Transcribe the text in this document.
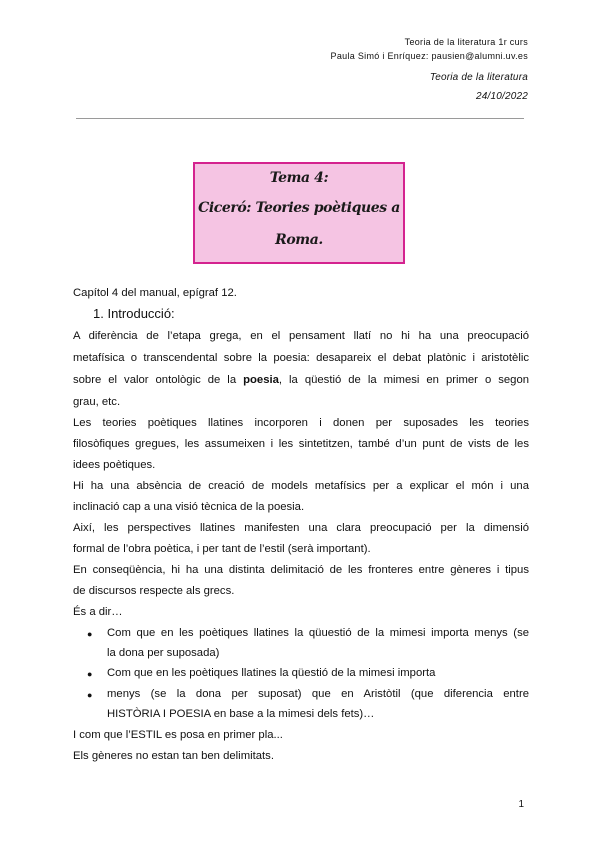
Teoria de la literatura 1r curs
Paula Simó i Enríquez: pausien@alumni.uv.es
Teoria de la literatura
24/10/2022
Tema 4:
Ciceró: Teories poètiques a
Roma.
Capítol 4 del manual, epígraf 12.
1. Introducció:
A diferència de l’etapa grega, en el pensament llatí no hi ha una preocupació
metafísica o transcendental sobre la poesia: desapareix el debat platònic i aristotèlic
sobre el valor ontològic de la poesia, la qüestió de la mimesi en primer o segon
grau, etc.
Les teories poètiques llatines incorporen i donen per suposades les teories
filosòfiques gregues, les assumeixen i les sintetitzen, també d’un punt de vists de les
idees poètiques.
Hi ha una absència de creació de models metafísics per a explicar el món i una
inclinació cap a una visió tècnica de la poesia.
Així, les perspectives llatines manifesten una clara preocupació per la dimensió
formal de l’obra poètica, i per tant de l’estil (serà important).
En conseqüència, hi ha una distinta delimitació de les fronteres entre gèneres i tipus
de discursos respecte als grecs.
És a dir…
● Com que en les poètiques llatines la qüuestió de la mimesi importa menys (se
la dona per suposada)
● Com que en les poètiques llatines la qüestió de la mimesi importa
● menys (se la dona per suposat) que en Aristòtil (que diferencia entre
HISTÒRIA I POESIA en base a la mimesi dels fets)…
I com que l’ESTIL es posa en primer pla...
Els gèneres no estan tan ben delimitats.
1
